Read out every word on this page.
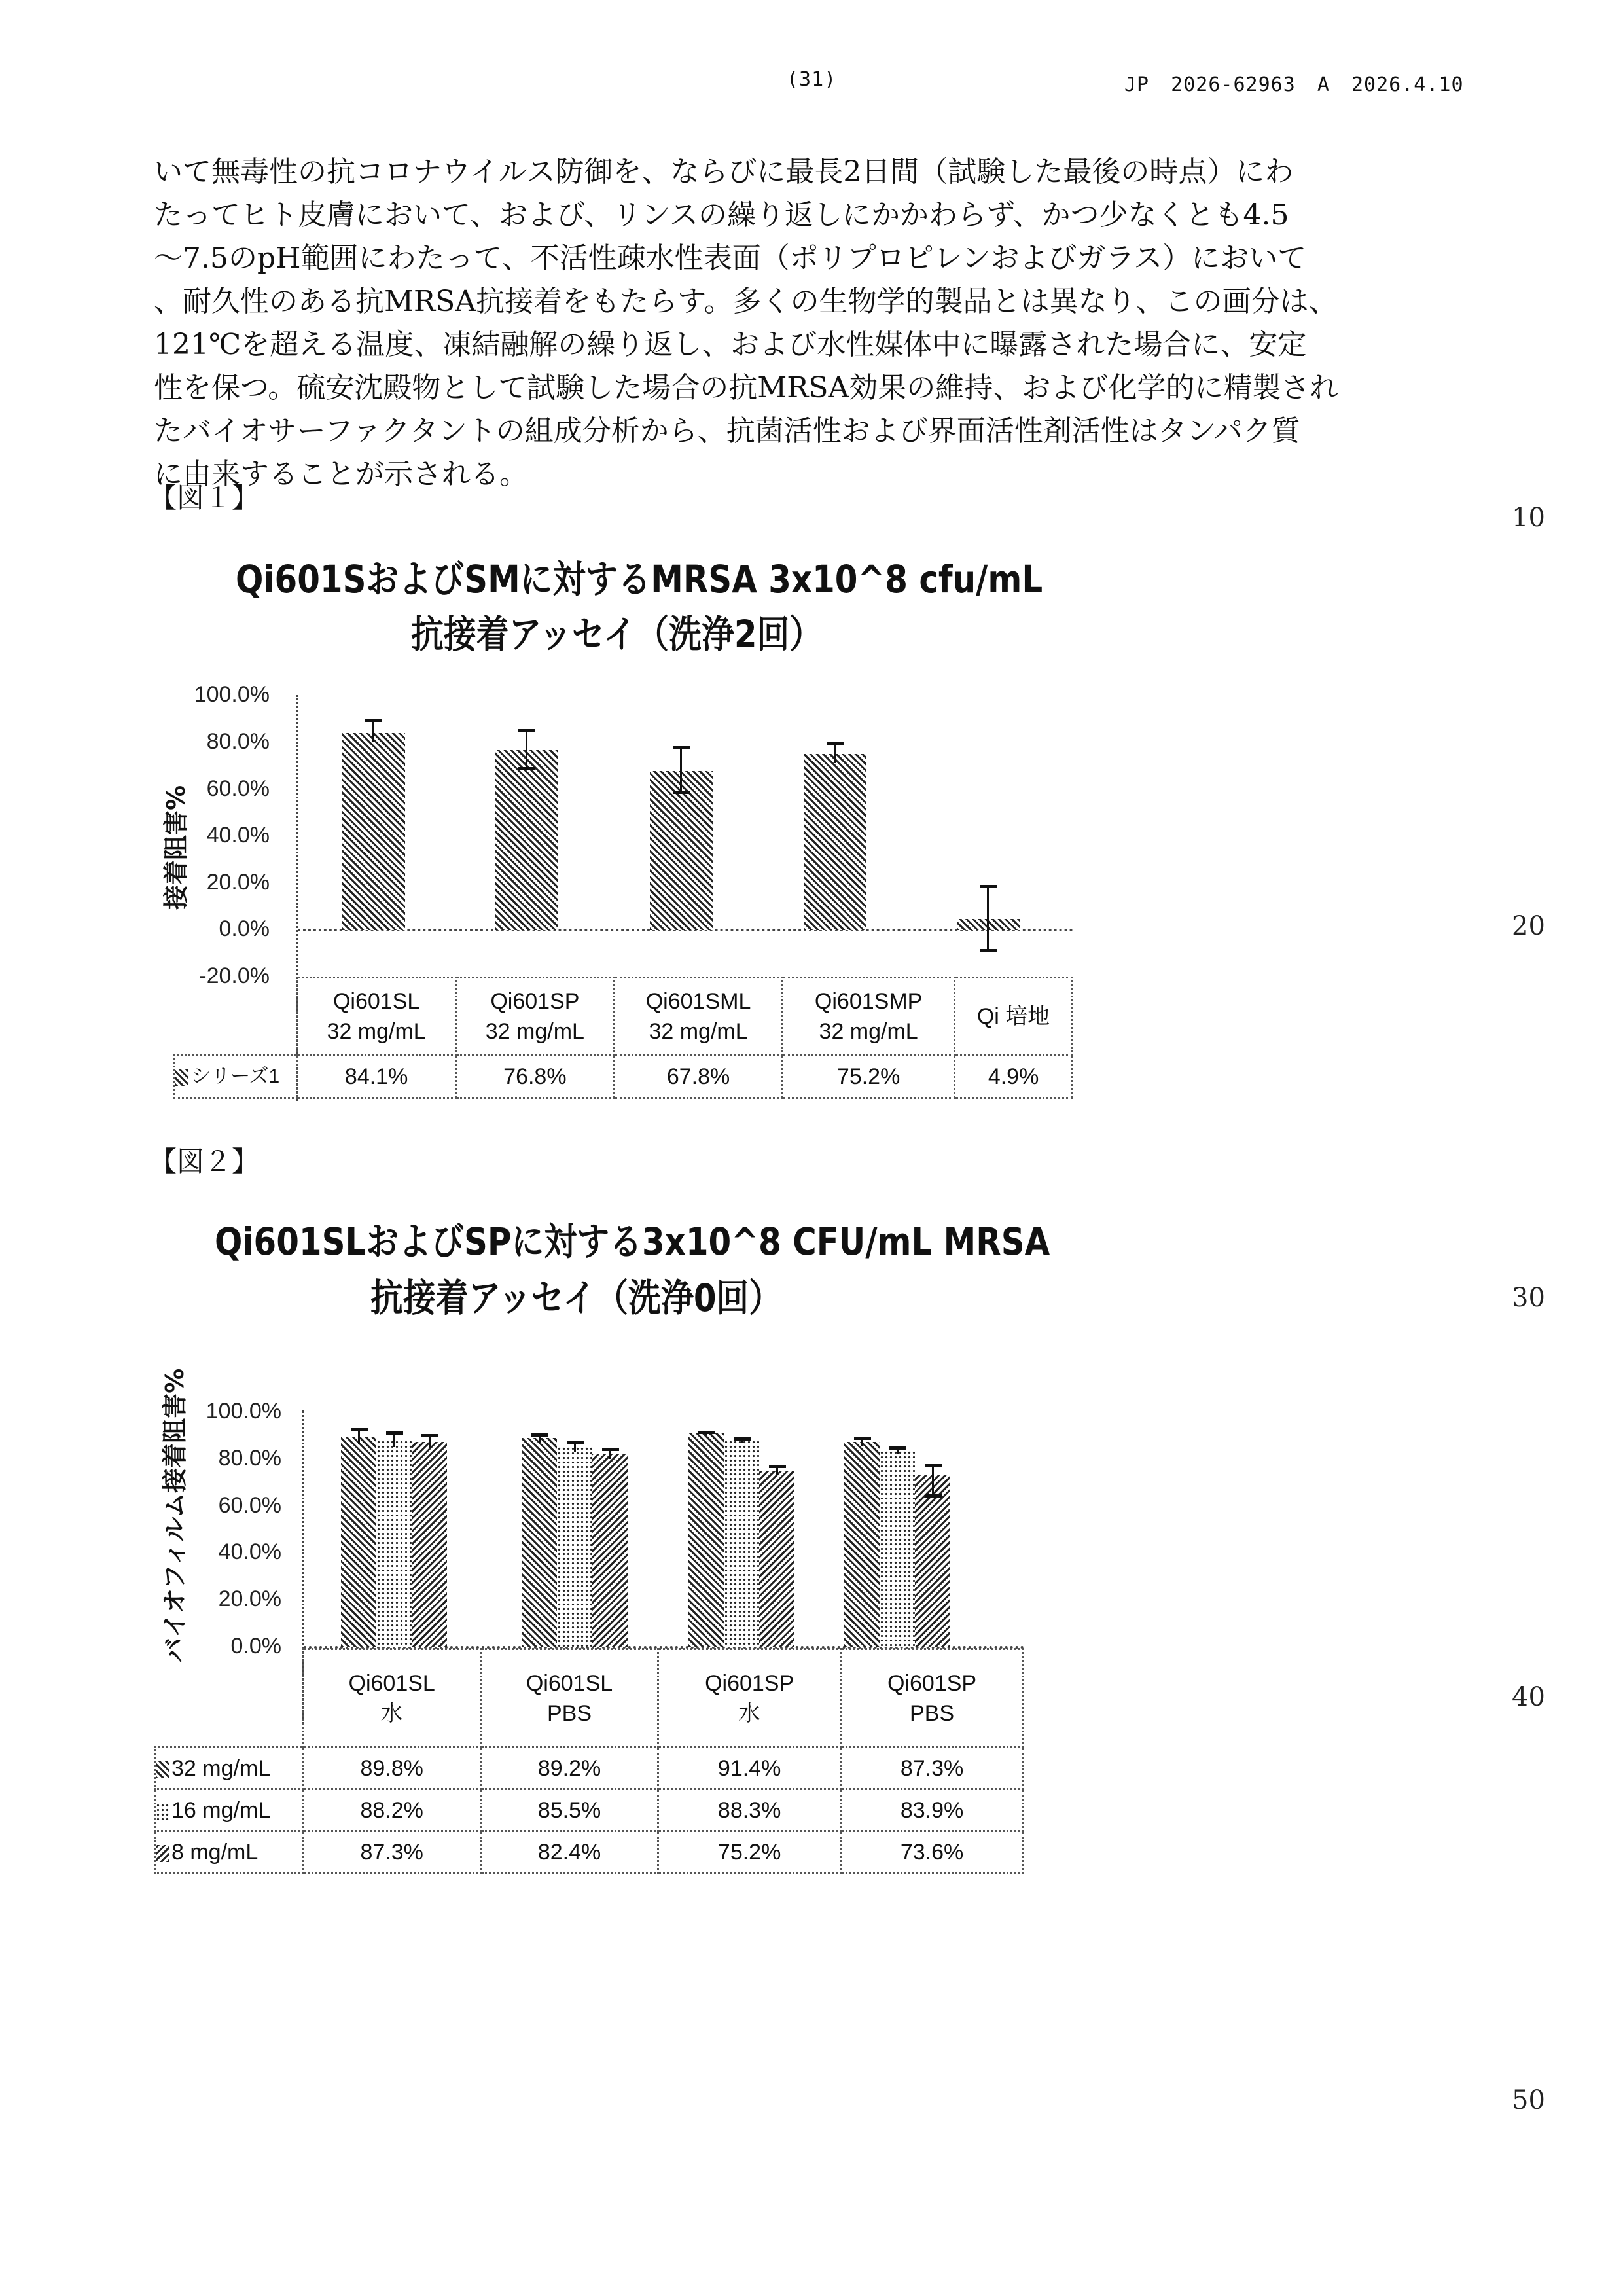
(31)	JP 2026-62963 A 2026.4.10

いて無毒性の抗コロナウイルス防御を、ならびに最長2日間（試験した最後の時点）にわ

たってヒト皮膚において、および、リンスの繰り返しにかかわらず、かつ少なくとも4.5

～7.5のpH範囲にわたって、不活性疎水性表面（ポリプロピレンおよびガラス）において

、耐久性のある抗MRSA抗接着をもたらす。多くの生物学的製品とは異なり、この画分は、

121℃を超える温度、凍結融解の繰り返し、および水性媒体中に曝露された場合に、安定

性を保つ。硫安沈殿物として試験した場合の抗MRSA効果の維持、および化学的に精製され

たバイオサーファクタントの組成分析から、抗菌活性および界面活性剤活性はタンパク質

に由来することが示される。

10
20
30
40
50
【図１】
Qi601SおよびSMに対するMRSA 3x10^8 cfu/mL
抗接着アッセイ（洗浄2回）
接着阻害%
100.0%
80.0%
60.0%
40.0%
20.0%
0.0%
-20.0%

Qi601SL
32 mg/mL

Qi601SP
32 mg/mL

Qi601SML
32 mg/mL

Qi601SMP
32 mg/mL

Qi 培地

シリーズ1	84.1%	76.8%	67.8%	75.2%	4.9%
【図２】
Qi601SLおよびSPに対する3x10^8 CFU/mL MRSA
抗接着アッセイ（洗浄0回）
バイオフィルム接着阻害% 100.0%
80.0%
60.0%
40.0%
20.0%
0.0%

Qi601SL
水

Qi601SL
PBS

Qi601SP
水

Qi601SP
PBS

32 mg/mL	89.8%	89.2%	91.4%	87.3%
16 mg/mL	88.2%	85.5%	88.3%	83.9%
8 mg/mL	87.3%	82.4%	75.2%	73.6%
